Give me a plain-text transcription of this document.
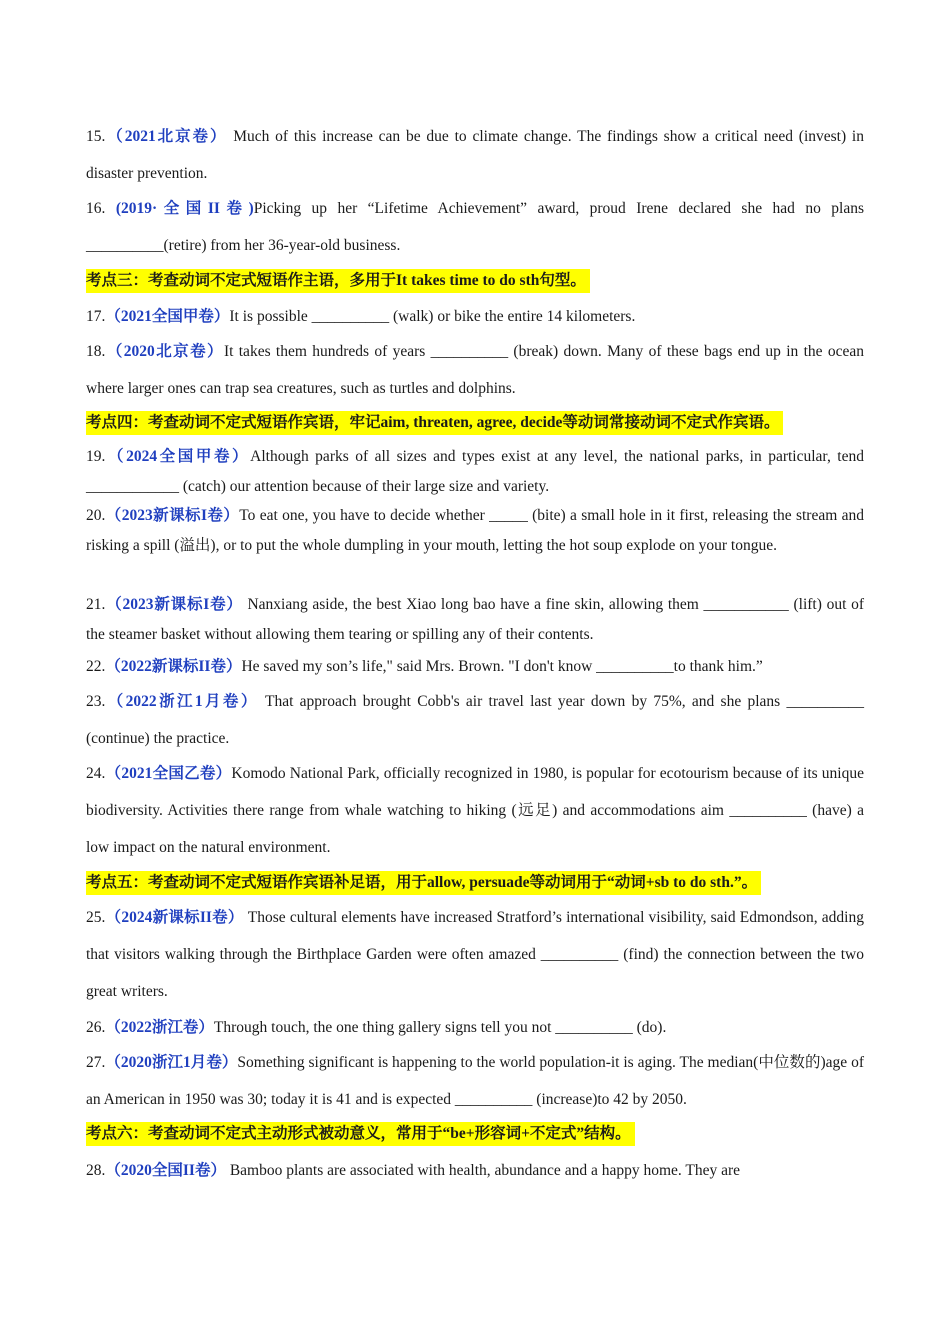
15.（2021北京卷） Much of this increase can be due to climate change. The findings show a critical need (invest) in disaster prevention.

16. (2019·全国II卷)Picking up her “Lifetime Achievement” award, proud Irene declared she had no plans __________(retire) from her 36-year-old business.

考点三：考查动词不定式短语作主语，多用于It takes time to do sth句型。

17.（2021全国甲卷）It is possible __________ (walk) or bike the entire 14 kilometers.

18.（2020北京卷）It takes them hundreds of years __________ (break) down. Many of these bags end up in the ocean where larger ones can trap sea creatures, such as turtles and dolphins.

考点四：考查动词不定式短语作宾语，牢记aim, threaten, agree, decide等动词常接动词不定式作宾语。

19.（2024全国甲卷）Although parks of all sizes and types exist at any level, the national parks, in particular, tend ____________ (catch) our attention because of their large size and variety.

20.（2023新课标I卷）To eat one, you have to decide whether _____ (bite) a small hole in it first, releasing the stream and risking a spill (溢出), or to put the whole dumpling in your mouth, letting the hot soup explode on your tongue.

21.（2023新课标I卷） Nanxiang aside, the best Xiao long bao have a fine skin, allowing them ___________ (lift) out of the steamer basket without allowing them tearing or spilling any of their contents.

22.（2022新课标II卷）He saved my son’s life," said Mrs. Brown. "I don't know __________to thank him.”

23.（2022浙江1月卷） That approach brought Cobb's air travel last year down by 75%, and she plans __________ (continue) the practice.

24.（2021全国乙卷）Komodo National Park, officially recognized in 1980, is popular for ecotourism because of its unique biodiversity. Activities there range from whale watching to hiking (远足) and accommodations aim __________ (have) a low impact on the natural environment.

考点五：考查动词不定式短语作宾语补足语，用于allow, persuade等动词用于“动词+sb to do sth.”。

25.（2024新课标II卷） Those cultural elements have increased Stratford’s international visibility, said Edmondson, adding that visitors walking through the Birthplace Garden were often amazed __________ (find) the connection between the two great writers.

26.（2022浙江卷）Through touch, the one thing gallery signs tell you not __________ (do).

27.（2020浙江1月卷）Something significant is happening to the world population-it is aging. The median(中位数的)age of an American in 1950 was 30; today it is 41 and is expected __________ (increase)to 42 by 2050.

考点六：考查动词不定式主动形式被动意义，常用于“be+形容词+不定式”结构。

28.（2020全国II卷） Bamboo plants are associated with health, abundance and a happy home. They are
